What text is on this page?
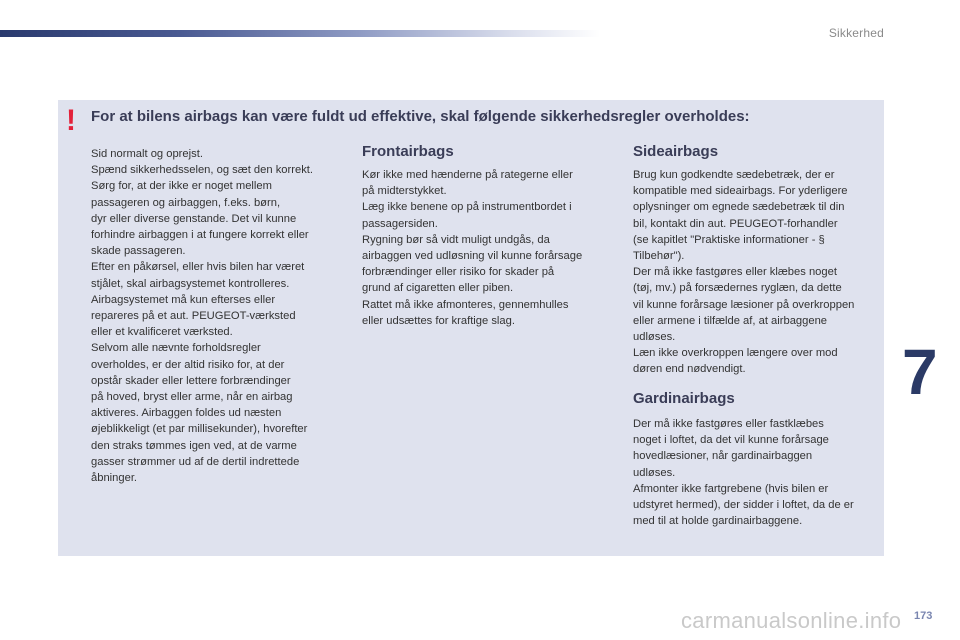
Sikkerhed
7
! For at bilens airbags kan være fuldt ud effektive, skal følgende sikkerhedsregler overholdes:
Sid normalt og oprejst.
Spænd sikkerhedsselen, og sæt den korrekt.
Sørg for, at der ikke er noget mellem
passageren og airbaggen, f.eks. børn,
dyr eller diverse genstande. Det vil kunne
forhindre airbaggen i at fungere korrekt eller
skade passageren.
Efter en påkørsel, eller hvis bilen har været
stjålet, skal airbagsystemet kontrolleres.
Airbagsystemet må kun efterses eller
repareres på et aut. PEUGEOT-værksted
eller et kvalificeret værksted.
Selvom alle nævnte forholdsregler
overholdes, er der altid risiko for, at der
opstår skader eller lettere forbrændinger
på hoved, bryst eller arme, når en airbag
aktiveres. Airbaggen foldes ud næsten
øjeblikkeligt (et par millisekunder), hvorefter
den straks tømmes igen ved, at de varme
gasser strømmer ud af de dertil indrettede
åbninger.
Frontairbags
Kør ikke med hænderne på rategerne eller
på midterstykket.
Læg ikke benene op på instrumentbordet i
passagersiden.
Rygning bør så vidt muligt undgås, da
airbaggen ved udløsning vil kunne forårsage
forbrændinger eller risiko for skader på
grund af cigaretten eller piben.
Rattet må ikke afmonteres, gennemhulles
eller udsættes for kraftige slag.
Sideairbags
Brug kun godkendte sædebetræk, der er
kompatible med sideairbags. For yderligere
oplysninger om egnede sædebetræk til din
bil, kontakt din aut. PEUGEOT-forhandler
(se kapitlet "Praktiske informationer - §
Tilbehør").
Der må ikke fastgøres eller klæbes noget
(tøj, mv.) på forsædernes ryglæn, da dette
vil kunne forårsage læsioner på overkroppen
eller armene i tilfælde af, at airbaggene
udløses.
Læn ikke overkroppen længere over mod
døren end nødvendigt.
Gardinairbags
Der må ikke fastgøres eller fastklæbes
noget i loftet, da det vil kunne forårsage
hovedlæsioner, når gardinairbaggen
udløses.
Afmonter ikke fartgrebene (hvis bilen er
udstyret hermed), der sidder i loftet, da de er
med til at holde gardinairbaggene.
carmanualsonline.info 173
